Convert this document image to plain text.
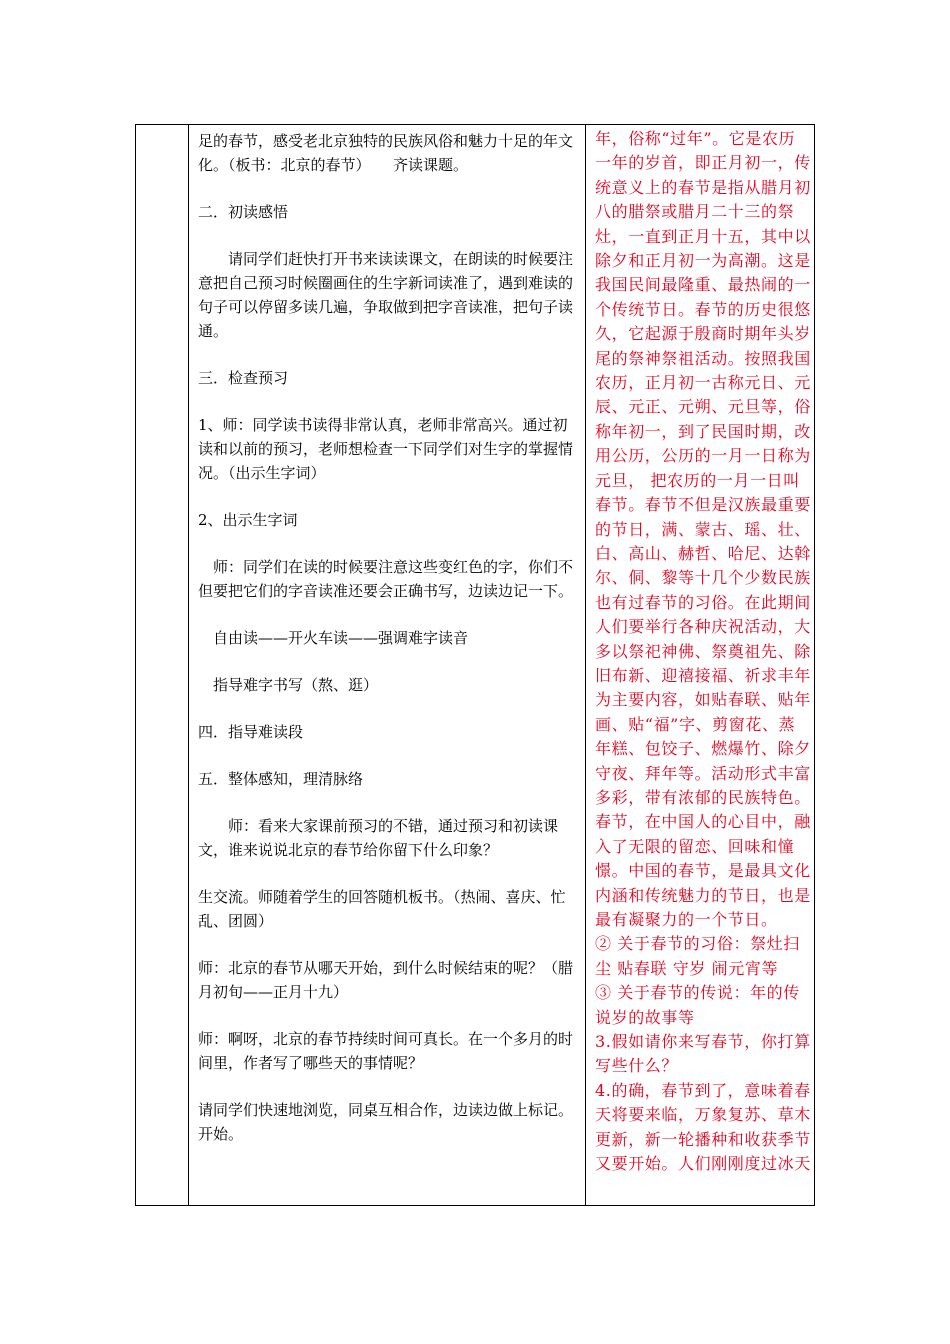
足的春节，感受老北京独特的民族风俗和魅力十足的年文化。（板书：北京的春节）　　齐读课题。

二．初读感悟

　　请同学们赶快打开书来读读课文，在朗读的时候要注意把自己预习时候圈画住的生字新词读准了，遇到难读的句子可以停留多读几遍，争取做到把字音读准，把句子读通。

三．检查预习

1、师：同学读书读得非常认真，老师非常高兴。通过初读和以前的预习，老师想检查一下同学们对生字的掌握情况。（出示生字词）

2、出示生字词

　师：同学们在读的时候要注意这些变红色的字，你们不但要把它们的字音读准还要会正确书写，边读边记一下。

　自由读——开火车读——强调难字读音

　指导难字书写（熬、逛）

四．指导难读段

五．整体感知，理清脉络

　　师：看来大家课前预习的不错，通过预习和初读课文，谁来说说北京的春节给你留下什么印象？

生交流。师随着学生的回答随机板书。（热闹、喜庆、忙乱、团圆）

师：北京的春节从哪天开始，到什么时候结束的呢？（腊月初旬——正月十九）

师：啊呀，北京的春节持续时间可真长。在一个多月的时间里，作者写了哪些天的事情呢？

请同学们快速地浏览，同桌互相合作，边读边做上标记。开始。

年，俗称“过年”。它是农历一年的岁首，即正月初一，传统意义上的春节是指从腊月初八的腊祭或腊月二十三的祭灶，一直到正月十五，其中以除夕和正月初一为高潮。这是我国民间最隆重、最热闹的一个传统节日。春节的历史很悠久，它起源于殷商时期年头岁尾的祭神祭祖活动。按照我国农历，正月初一古称元日、元辰、元正、元朔、元旦等，俗称年初一，到了民国时期，改用公历，公历的一月一日称为元旦， 把农历的一月一日叫春节。春节不但是汉族最重要的节日，满、蒙古、瑶、壮、白、高山、赫哲、哈尼、达斡尔、侗、黎等十几个少数民族也有过春节的习俗。在此期间人们要举行各种庆祝活动，大多以祭祀神佛、祭奠祖先、除旧布新、迎禧接福、祈求丰年为主要内容，如贴春联、贴年画、贴“福”字、剪窗花、蒸年糕、包饺子、燃爆竹、除夕守夜、拜年等。活动形式丰富多彩，带有浓郁的民族特色。春节，在中国人的心目中，融入了无限的留恋、回味和憧憬。中国的春节，是最具文化内涵和传统魅力的节日，也是最有凝聚力的一个节日。

② 关于春节的习俗：祭灶扫尘 贴春联 守岁 闹元宵等

③ 关于春节的传说：年的传说岁的故事等

3.假如请你来写春节，你打算写些什么？

4.的确，春节到了，意味着春天将要来临，万象复苏、草木更新，新一轮播种和收获季节又要开始。人们刚刚度过冰天
